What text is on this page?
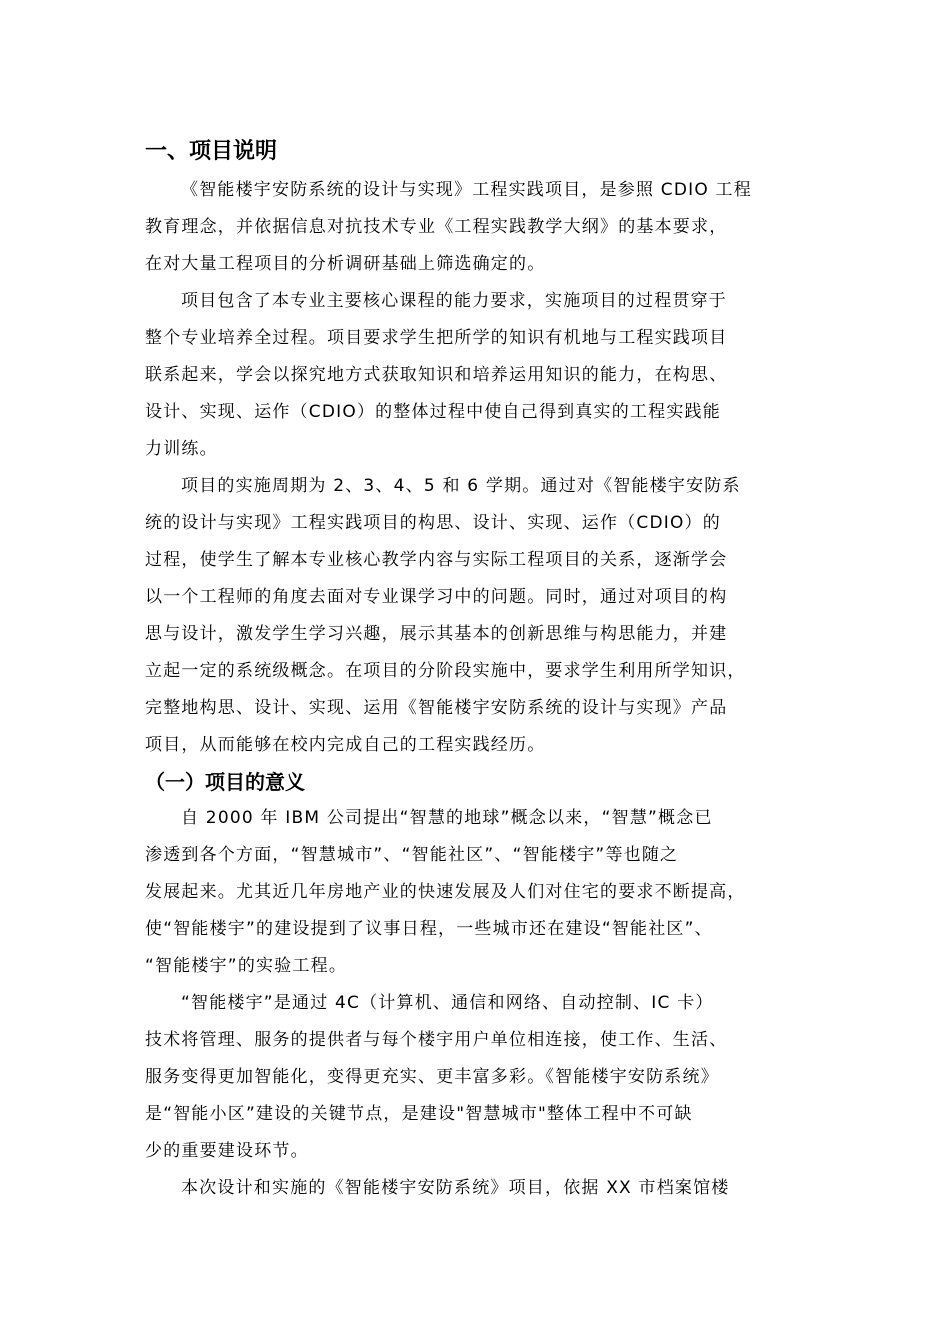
一、项目说明
《智能楼宇安防系统的设计与实现》工程实践项目，是参照 CDIO 工程
教育理念，并依据信息对抗技术专业《工程实践教学大纲》的基本要求，
在对大量工程项目的分析调研基础上筛选确定的。
项目包含了本专业主要核心课程的能力要求，实施项目的过程贯穿于
整个专业培养全过程。项目要求学生把所学的知识有机地与工程实践项目
联系起来，学会以探究地方式获取知识和培养运用知识的能力，在构思、
设计、实现、运作（CDIO）的整体过程中使自己得到真实的工程实践能
力训练。
项目的实施周期为 2、3、4、5 和 6 学期。通过对《智能楼宇安防系
统的设计与实现》工程实践项目的构思、设计、实现、运作（CDIO）的
过程，使学生了解本专业核心教学内容与实际工程项目的关系，逐渐学会
以一个工程师的角度去面对专业课学习中的问题。同时，通过对项目的构
思与设计，激发学生学习兴趣，展示其基本的创新思维与构思能力，并建
立起一定的系统级概念。在项目的分阶段实施中，要求学生利用所学知识，
完整地构思、设计、实现、运用《智能楼宇安防系统的设计与实现》产品
项目，从而能够在校内完成自己的工程实践经历。
（一）项目的意义
自 2000 年 IBM 公司提出“智慧的地球”概念以来，“智慧”概念已
渗透到各个方面，“智慧城市”、“智能社区”、“智能楼宇”等也随之
发展起来。尤其近几年房地产业的快速发展及人们对住宅的要求不断提高，
使“智能楼宇”的建设提到了议事日程，一些城市还在建设“智能社区”、
“智能楼宇”的实验工程。
“智能楼宇”是通过 4C（计算机、通信和网络、自动控制、IC 卡）
技术将管理、服务的提供者与每个楼宇用户单位相连接，使工作、生活、
服务变得更加智能化，变得更充实、更丰富多彩。《智能楼宇安防系统》
是“智能小区”建设的关键节点，是建设"智慧城市"整体工程中不可缺
少的重要建设环节。
本次设计和实施的《智能楼宇安防系统》项目，依据 XX 市档案馆楼
